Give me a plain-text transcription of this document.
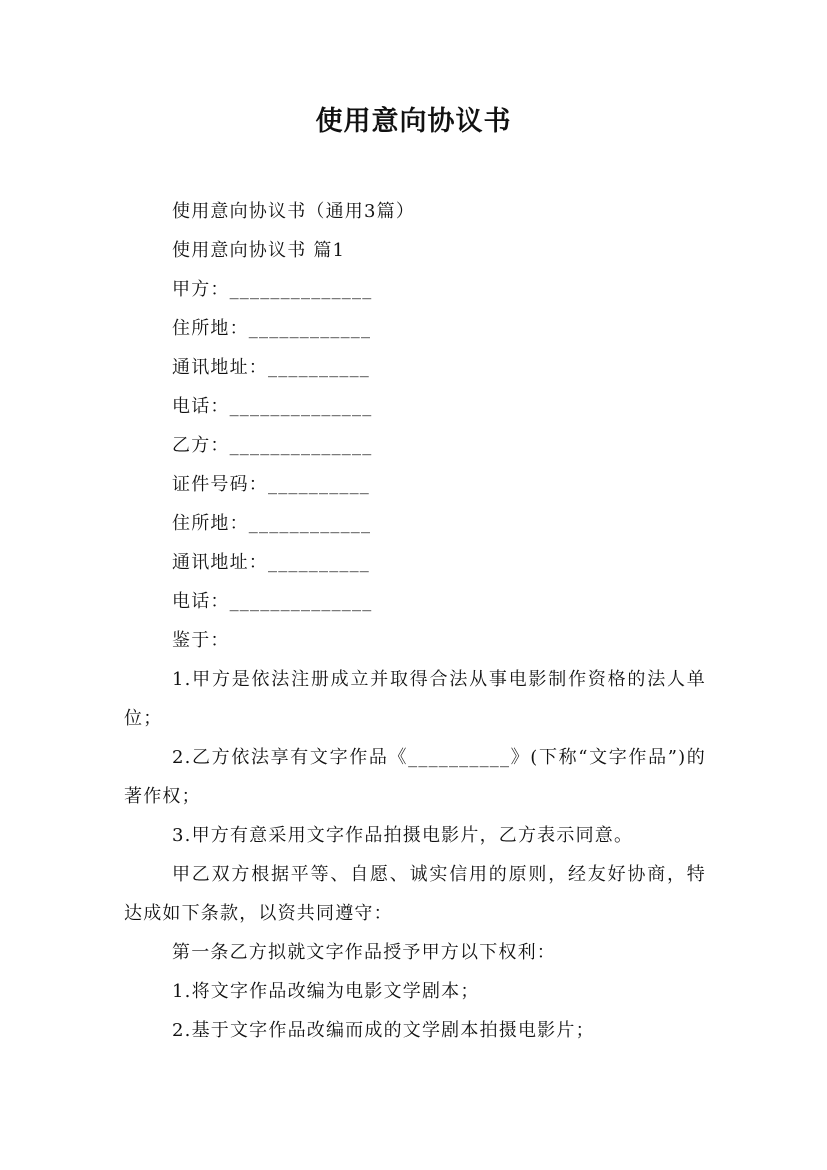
使用意向协议书

使用意向协议书（通用3篇）

使用意向协议书 篇1

甲方：______________

住所地：____________

通讯地址：__________

电话：______________

乙方：______________

证件号码：__________

住所地：____________

通讯地址：__________

电话：______________

鉴于：

1.甲方是依法注册成立并取得合法从事电影制作资格的法人单位；

2.乙方依法享有文字作品《__________》(下称“文字作品”)的著作权；

3.甲方有意采用文字作品拍摄电影片，乙方表示同意。

甲乙双方根据平等、自愿、诚实信用的原则，经友好协商，特达成如下条款，以资共同遵守：

第一条乙方拟就文字作品授予甲方以下权利：

1.将文字作品改编为电影文学剧本；

2.基于文字作品改编而成的文学剧本拍摄电影片；
